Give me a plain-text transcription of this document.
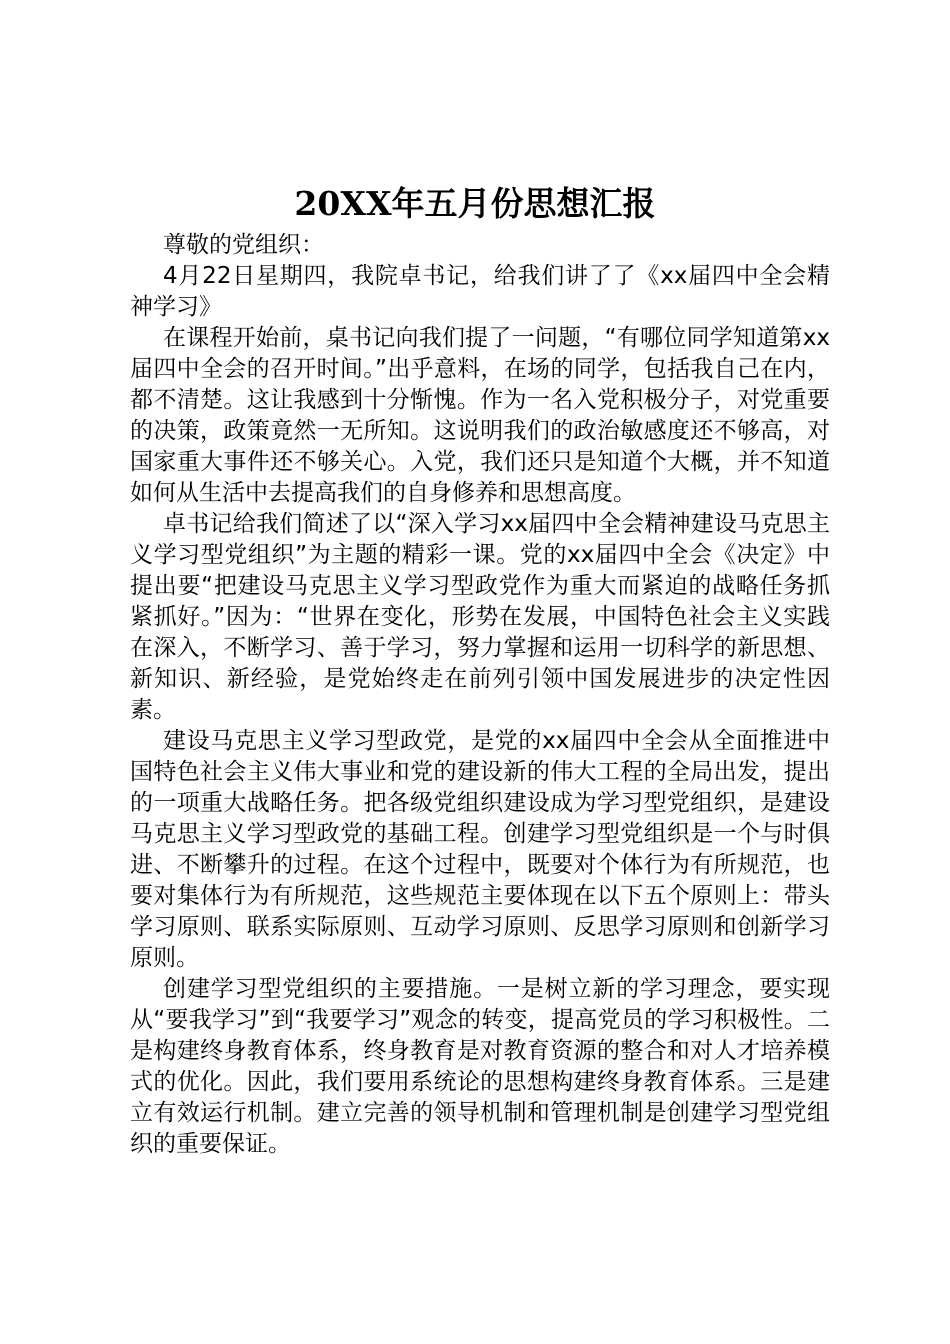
20XX年五月份思想汇报

尊敬的党组织：

4月22日星期四，我院卓书记，给我们讲了了《xx届四中全会精神学习》

在课程开始前，桌书记向我们提了一问题，“有哪位同学知道第xx届四中全会的召开时间。”出乎意料，在场的同学，包括我自己在内，都不清楚。这让我感到十分惭愧。作为一名入党积极分子，对党重要的决策，政策竟然一无所知。这说明我们的政治敏感度还不够高，对国家重大事件还不够关心。入党，我们还只是知道个大概，并不知道如何从生活中去提高我们的自身修养和思想高度。

卓书记给我们简述了以“深入学习xx届四中全会精神建设马克思主义学习型党组织”为主题的精彩一课。党的xx届四中全会《决定》中提出要“把建设马克思主义学习型政党作为重大而紧迫的战略任务抓紧抓好。”因为：“世界在变化，形势在发展，中国特色社会主义实践在深入，不断学习、善于学习，努力掌握和运用一切科学的新思想、新知识、新经验，是党始终走在前列引领中国发展进步的决定性因素。

建设马克思主义学习型政党，是党的xx届四中全会从全面推进中国特色社会主义伟大事业和党的建设新的伟大工程的全局出发，提出的一项重大战略任务。把各级党组织建设成为学习型党组织，是建设马克思主义学习型政党的基础工程。创建学习型党组织是一个与时俱进、不断攀升的过程。在这个过程中，既要对个体行为有所规范，也要对集体行为有所规范，这些规范主要体现在以下五个原则上：带头学习原则、联系实际原则、互动学习原则、反思学习原则和创新学习原则。

创建学习型党组织的主要措施。一是树立新的学习理念，要实现从“要我学习”到“我要学习”观念的转变，提高党员的学习积极性。二是构建终身教育体系，终身教育是对教育资源的整合和对人才培养模式的优化。因此，我们要用系统论的思想构建终身教育体系。三是建立有效运行机制。建立完善的领导机制和管理机制是创建学习型党组织的重要保证。
